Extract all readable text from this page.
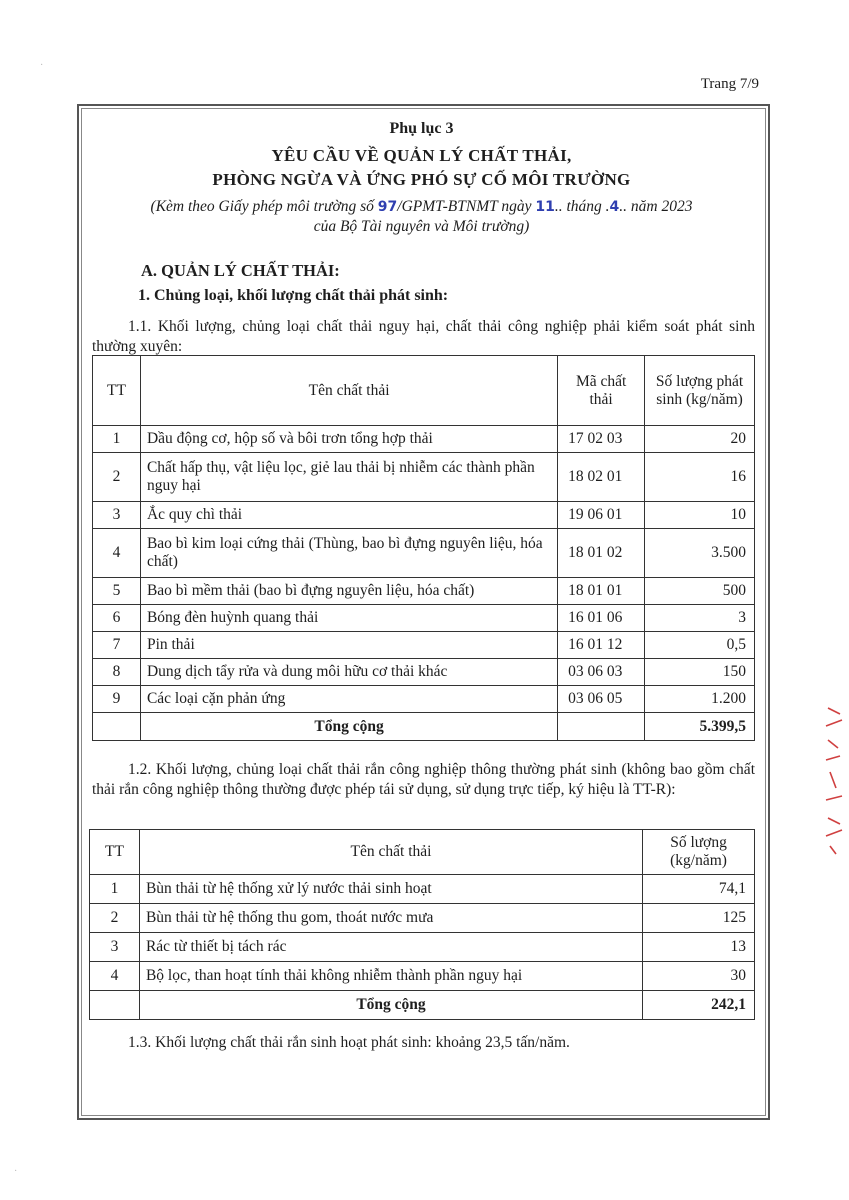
Trang 7/9
Phụ lục 3
YÊU CẦU VỀ QUẢN LÝ CHẤT THẢI,
PHÒNG NGỪA VÀ ỨNG PHÓ SỰ CỐ MÔI TRƯỜNG
(Kèm theo Giấy phép môi trường số 97/GPMT-BTNMT ngày 11.. tháng .4.. năm 2023
của Bộ Tài nguyên và Môi trường)
A. QUẢN LÝ CHẤT THẢI:
1. Chủng loại, khối lượng chất thải phát sinh:
1.1. Khối lượng, chủng loại chất thải nguy hại, chất thải công nghiệp phải kiểm soát phát sinh thường xuyên:
TT	Tên chất thải	Mã chất thải	Số lượng phát sinh (kg/năm)
1	Dầu động cơ, hộp số và bôi trơn tổng hợp thải	17 02 03	20
2	Chất hấp thụ, vật liệu lọc, giẻ lau thải bị nhiễm các thành phần nguy hại	18 02 01	16
3	Ắc quy chì thải	19 06 01	10
4	Bao bì kim loại cứng thải (Thùng, bao bì đựng nguyên liệu, hóa chất)	18 01 02	3.500
5	Bao bì mềm thải (bao bì đựng nguyên liệu, hóa chất)	18 01 01	500
6	Bóng đèn huỳnh quang thải	16 01 06	3
7	Pin thải	16 01 12	0,5
8	Dung dịch tẩy rửa và dung môi hữu cơ thải khác	03 06 03	150
9	Các loại cặn phản ứng	03 06 05	1.200
	Tổng cộng		5.399,5
1.2. Khối lượng, chủng loại chất thải rắn công nghiệp thông thường phát sinh (không bao gồm chất thải rắn công nghiệp thông thường được phép tái sử dụng, sử dụng trực tiếp, ký hiệu là TT-R):
TT	Tên chất thải	Số lượng (kg/năm)
1	Bùn thải từ hệ thống xử lý nước thải sinh hoạt	74,1
2	Bùn thải từ hệ thống thu gom, thoát nước mưa	125
3	Rác từ thiết bị tách rác	13
4	Bộ lọc, than hoạt tính thải không nhiễm thành phần nguy hại	30
	Tổng cộng	242,1
1.3. Khối lượng chất thải rắn sinh hoạt phát sinh: khoảng 23,5 tấn/năm.
·
·
